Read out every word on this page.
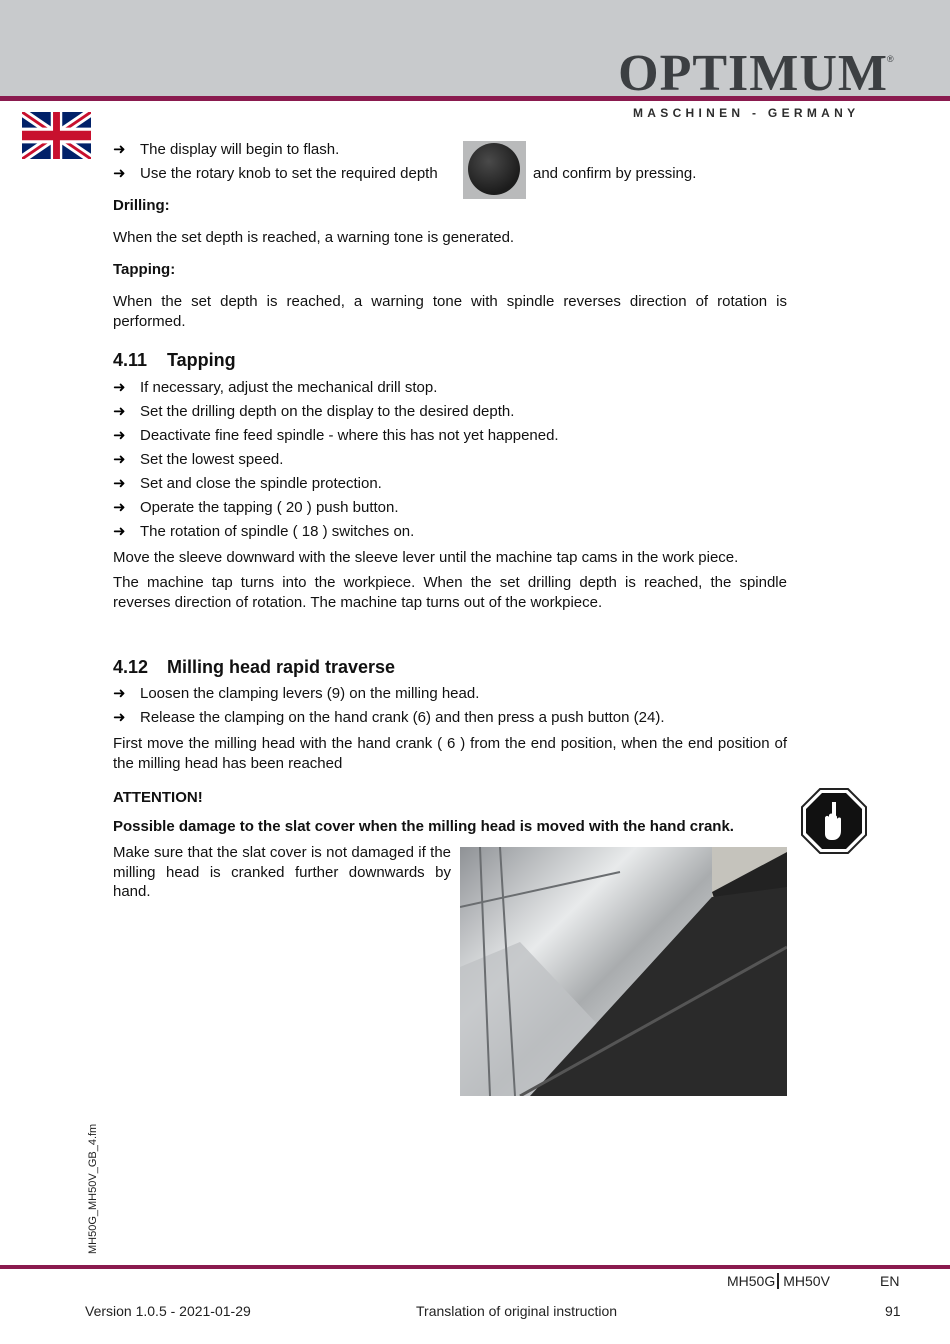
OPTIMUM ®
MASCHINEN - GERMANY
➜ The display will begin to flash.
➜ Use the rotary knob to set the required depth	and confirm by pressing.
Drilling:
When the set depth is reached, a warning tone is generated.
Tapping:
When the set depth is reached, a warning tone with spindle reverses direction of rotation is performed.
4.11 Tapping
➜ If necessary, adjust the mechanical drill stop.
➜ Set the drilling depth on the display to the desired depth.
➜ Deactivate fine feed spindle - where this has not yet happened.
➜ Set the lowest speed.
➜ Set and close the spindle protection.
➜ Operate the tapping ( 20 ) push button.
➜ The rotation of spindle ( 18 ) switches on.
Move the sleeve downward with the sleeve lever until the machine tap cams in the work piece.
The machine tap turns into the workpiece. When the set drilling depth is reached, the spindle reverses direction of rotation. The machine tap turns out of the workpiece.
4.12 Milling head rapid traverse
➜ Loosen the clamping levers (9) on the milling head.
➜ Release the clamping on the hand crank (6) and then press a push button (24).
First move the milling head with the hand crank ( 6 ) from the end position, when the end position of the milling head has been reached
ATTENTION!
Possible damage to the slat cover when the milling head is moved with the hand crank.
Make sure that the slat cover is not damaged if the milling head is cranked further downwards by hand.
MH50G_MH50V_GB_4.fm
MH50G MH50V	EN
Version 1.0.5 - 2021-01-29	Translation of original instruction	91
